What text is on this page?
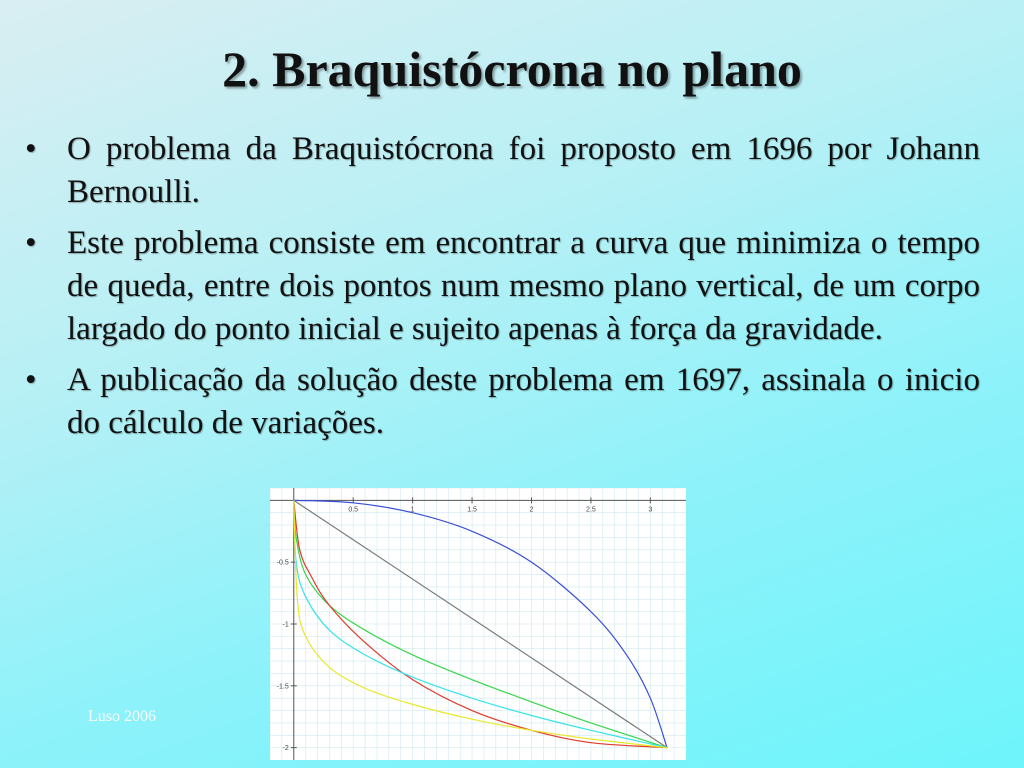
2. Braquistócrona no plano
• O problema da Braquistócrona foi proposto em 1696 por Johann Bernoulli.
• Este problema consiste em encontrar a curva que minimiza o tempo de queda, entre dois pontos num mesmo plano vertical, de um corpo largado do ponto inicial e sujeito apenas à força da gravidade.
• A publicação da solução deste problema em 1697, assinala o inicio do cálculo de variações.
0.5	1	1.5	2	2.5	3
-0.5
-1
-1.5
-2
Luso 2006
